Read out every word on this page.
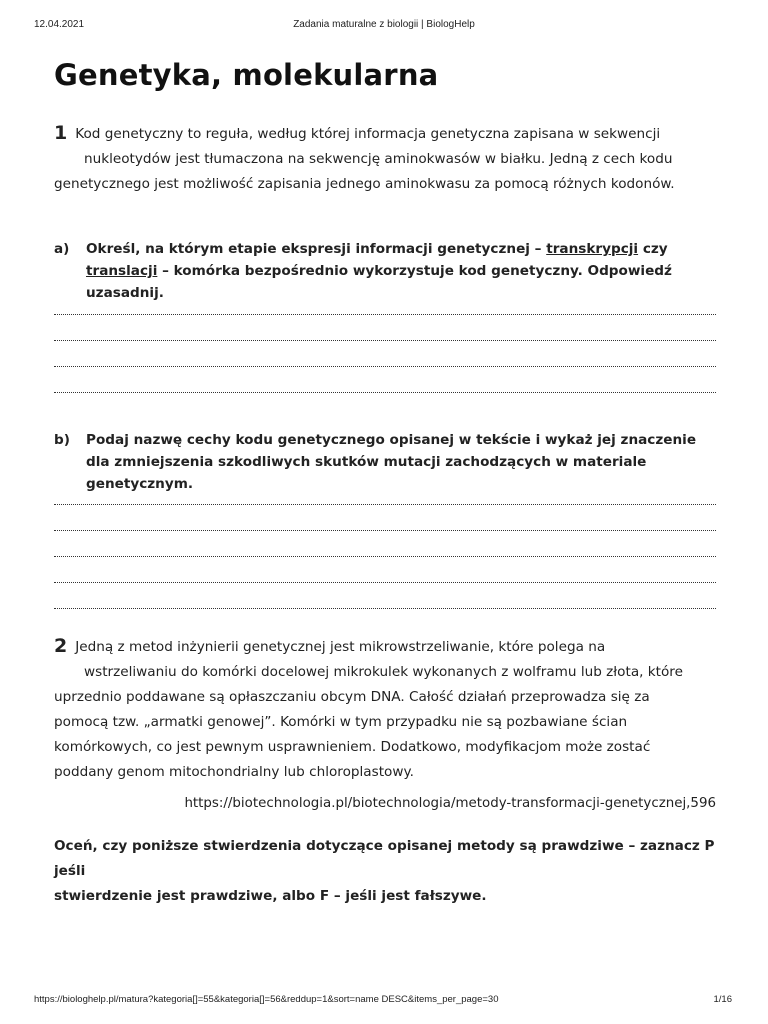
12.04.2021	Zadania maturalne z biologii | BiologHelp
Genetyka, molekularna

1 Kod genetyczny to reguła, według której informacja genetyczna zapisana w sekwencji
nukleotydów jest tłumaczona na sekwencję aminokwasów w białku. Jedną z cech kodu
genetycznego jest możliwość zapisania jednego aminokwasu za pomocą różnych kodonów.

a)	Określ, na którym etapie ekspresji informacji genetycznej – transkrypcji czy translacji – komórka bezpośrednio wykorzystuje kod genetyczny. Odpowiedź uzasadnij.
b)	Podaj nazwę cechy kodu genetycznego opisanej w tekście i wykaż jej znaczenie dla zmniejszenia szkodliwych skutków mutacji zachodzących w materiale genetycznym.

2 Jedną z metod inżynierii genetycznej jest mikrowstrzeliwanie, które polega na
wstrzeliwaniu do komórki docelowej mikrokulek wykonanych z wolframu lub złota, które
uprzednio poddawane są opłaszczaniu obcym DNA. Całość działań przeprowadza się za
pomocą tzw. „armatki genowej”. Komórki w tym przypadku nie są pozbawiane ścian
komórkowych, co jest pewnym usprawnieniem. Dodatkowo, modyfikacjom może zostać
poddany genom mitochondrialny lub chloroplastowy.

https://biotechnologia.pl/biotechnologia/metody-transformacji-genetycznej,596
Oceń, czy poniższe stwierdzenia dotyczące opisanej metody są prawdziwe – zaznacz P jeśli
stwierdzenie jest prawdziwe, albo F – jeśli jest fałszywe.
https://biologhelp.pl/matura?kategoria[]=55&kategoria[]=56&reddup=1&sort=name DESC&items_per_page=30	1/16
